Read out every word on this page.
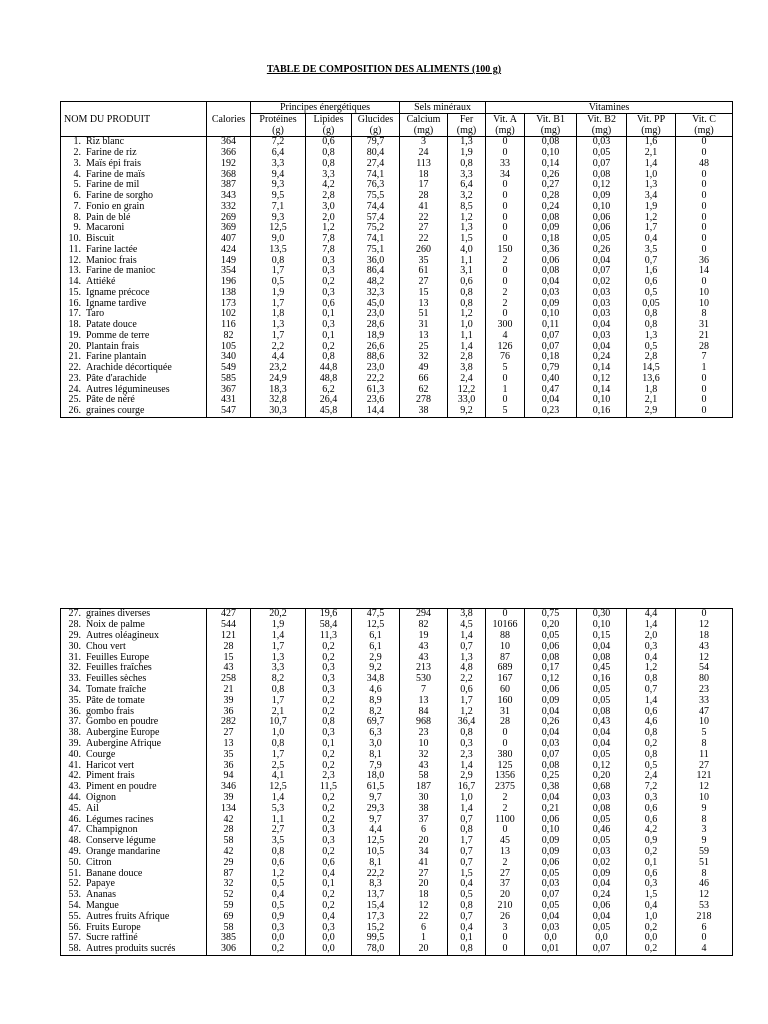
TABLE DE COMPOSITION DES ALIMENTS (100 g)
		Principes énergétiques			Sels minéraux		Vitamines				
NOM DU PRODUIT	Calories	Protéines	Lipides	Glucides	Calcium	Fer	Vit. A	Vit. B1	Vit. B2	Vit. PP	Vit. C
		(g)	(g)	(g)	(mg)	(mg)	(mg)	(mg)	(mg)	(mg)	(mg)
1. Riz blanc	364	7,2	0,6	79,7	3	1,3	0	0,08	0,03	1,6	0
2. Farine de riz	366	6,4	0,8	80,4	24	1,9	0	0,10	0,05	2,1	0
3. Maïs épi frais	192	3,3	0,8	27,4	113	0,8	33	0,14	0,07	1,4	48
4. Farine de maïs	368	9,4	3,3	74,1	18	3,3	34	0,26	0,08	1,0	0
5. Farine de mil	387	9,3	4,2	76,3	17	6,4	0	0,27	0,12	1,3	0
6. Farine de sorgho	343	9,5	2,8	75,5	28	3,2	0	0,28	0,09	3,4	0
7. Fonio en grain	332	7,1	3,0	74,4	41	8,5	0	0,24	0,10	1,9	0
8. Pain de blé	269	9,3	2,0	57,4	22	1,2	0	0,08	0,06	1,2	0
9. Macaroni	369	12,5	1,2	75,2	27	1,3	0	0,09	0,06	1,7	0
10. Biscuit	407	9,0	7,8	74,1	22	1,5	0	0,18	0,05	0,4	0
11. Farine lactée	424	13,5	7,8	75,1	260	4,0	150	0,36	0,26	3,5	0
12. Manioc frais	149	0,8	0,3	36,0	35	1,1	2	0,06	0,04	0,7	36
13. Farine de manioc	354	1,7	0,3	86,4	61	3,1	0	0,08	0,07	1,6	14
14. Attiéké	196	0,5	0,2	48,2	27	0,6	0	0,04	0,02	0,6	0
15. Igname précoce	138	1,9	0,3	32,3	15	0,8	2	0,03	0,03	0,5	10
16. Igname tardive	173	1,7	0,6	45,0	13	0,8	2	0,09	0,03	0,05	10
17. Taro	102	1,8	0,1	23,0	51	1,2	0	0,10	0,03	0,8	8
18. Patate douce	116	1,3	0,3	28,6	31	1,0	300	0,11	0,04	0,8	31
19. Pomme de terre	82	1,7	0,1	18,9	13	1,1	4	0,07	0,03	1,3	21
20. Plantain frais	105	2,2	0,2	26,6	25	1,4	126	0,07	0,04	0,5	28
21. Farine plantain	340	4,4	0,8	88,6	32	2,8	76	0,18	0,24	2,8	7
22. Arachide décortiquée	549	23,2	44,8	23,0	49	3,8	5	0,79	0,14	14,5	1
23. Pâte d'arachide	585	24,9	48,8	22,2	66	2,4	0	0,40	0,12	13,6	0
24. Autres légumineuses	367	18,3	6,2	61,3	62	12,2	1	0,47	0,14	1,8	0
25. Pâte de néré	431	32,8	26,4	23,6	278	33,0	0	0,04	0,10	2,1	0
26. graines courge	547	30,3	45,8	14,4	38	9,2	5	0,23	0,16	2,9	0
27. graines diverses	427	20,2	19,6	47,5	294	3,8	0	0,75	0,30	4,4	0
28. Noix de palme	544	1,9	58,4	12,5	82	4,5	10166	0,20	0,10	1,4	12
29. Autres oléagineux	121	1,4	11,3	6,1	19	1,4	88	0,05	0,15	2,0	18
30. Chou vert	28	1,7	0,2	6,1	43	0,7	10	0,06	0,04	0,3	43
31. Feuilles Europe	15	1,3	0,2	2,9	43	1,3	87	0,08	0,08	0,4	12
32. Feuilles fraîches	43	3,3	0,3	9,2	213	4,8	689	0,17	0,45	1,2	54
33. Feuilles sèches	258	8,2	0,3	34,8	530	2,2	167	0,12	0,16	0,8	80
34. Tomate fraîche	21	0,8	0,3	4,6	7	0,6	60	0,06	0,05	0,7	23
35. Pâte de tomate	39	1,7	0,2	8,9	13	1,7	160	0,09	0,05	1,4	33
36. gombo frais	36	2,1	0,2	8,2	84	1,2	31	0,04	0,08	0,6	47
37. Gombo en poudre	282	10,7	0,8	69,7	968	36,4	28	0,26	0,43	4,6	10
38. Aubergine Europe	27	1,0	0,3	6,3	23	0,8	0	0,04	0,04	0,8	5
39. Aubergine Afrique	13	0,8	0,1	3,0	10	0,3	0	0,03	0,04	0,2	8
40. Courge	35	1,7	0,2	8,1	32	2,3	380	0,07	0,05	0,8	11
41. Haricot vert	36	2,5	0,2	7,9	43	1,4	125	0,08	0,12	0,5	27
42. Piment frais	94	4,1	2,3	18,0	58	2,9	1356	0,25	0,20	2,4	121
43. Piment en poudre	346	12,5	11,5	61,5	187	16,7	2375	0,38	0,68	7,2	12
44. Oignon	39	1,4	0,2	9,7	30	1,0	2	0,04	0,03	0,3	10
45. Ail	134	5,3	0,2	29,3	38	1,4	2	0,21	0,08	0,6	9
46. Légumes racines	42	1,1	0,2	9,7	37	0,7	1100	0,06	0,05	0,6	8
47. Champignon	28	2,7	0,3	4,4	6	0,8	0	0,10	0,46	4,2	3
48. Conserve légume	58	3,5	0,3	12,5	20	1,7	45	0,09	0,05	0,9	9
49. Orange mandarine	42	0,8	0,2	10,5	34	0,7	13	0,09	0,03	0,2	59
50. Citron	29	0,6	0,6	8,1	41	0,7	2	0,06	0,02	0,1	51
51. Banane douce	87	1,2	0,4	22,2	27	1,5	27	0,05	0,09	0,6	8
52. Papaye	32	0,5	0,1	8,3	20	0,4	37	0,03	0,04	0,3	46
53. Ananas	52	0,4	0,2	13,7	18	0,5	20	0,07	0,24	1,5	12
54. Mangue	59	0,5	0,2	15,4	12	0,8	210	0,05	0,06	0,4	53
55. Autres fruits Afrique	69	0,9	0,4	17,3	22	0,7	26	0,04	0,04	1,0	218
56. Fruits Europe	58	0,3	0,3	15,2	6	0,4	3	0,03	0,05	0,2	6
57. Sucre raffiné	385	0,0	0,0	99,5	1	0,1	0	0,0	0,0	0,0	0
58. Autres produits sucrés	306	0,2	0,0	78,0	20	0,8	0	0,01	0,07	0,2	4
